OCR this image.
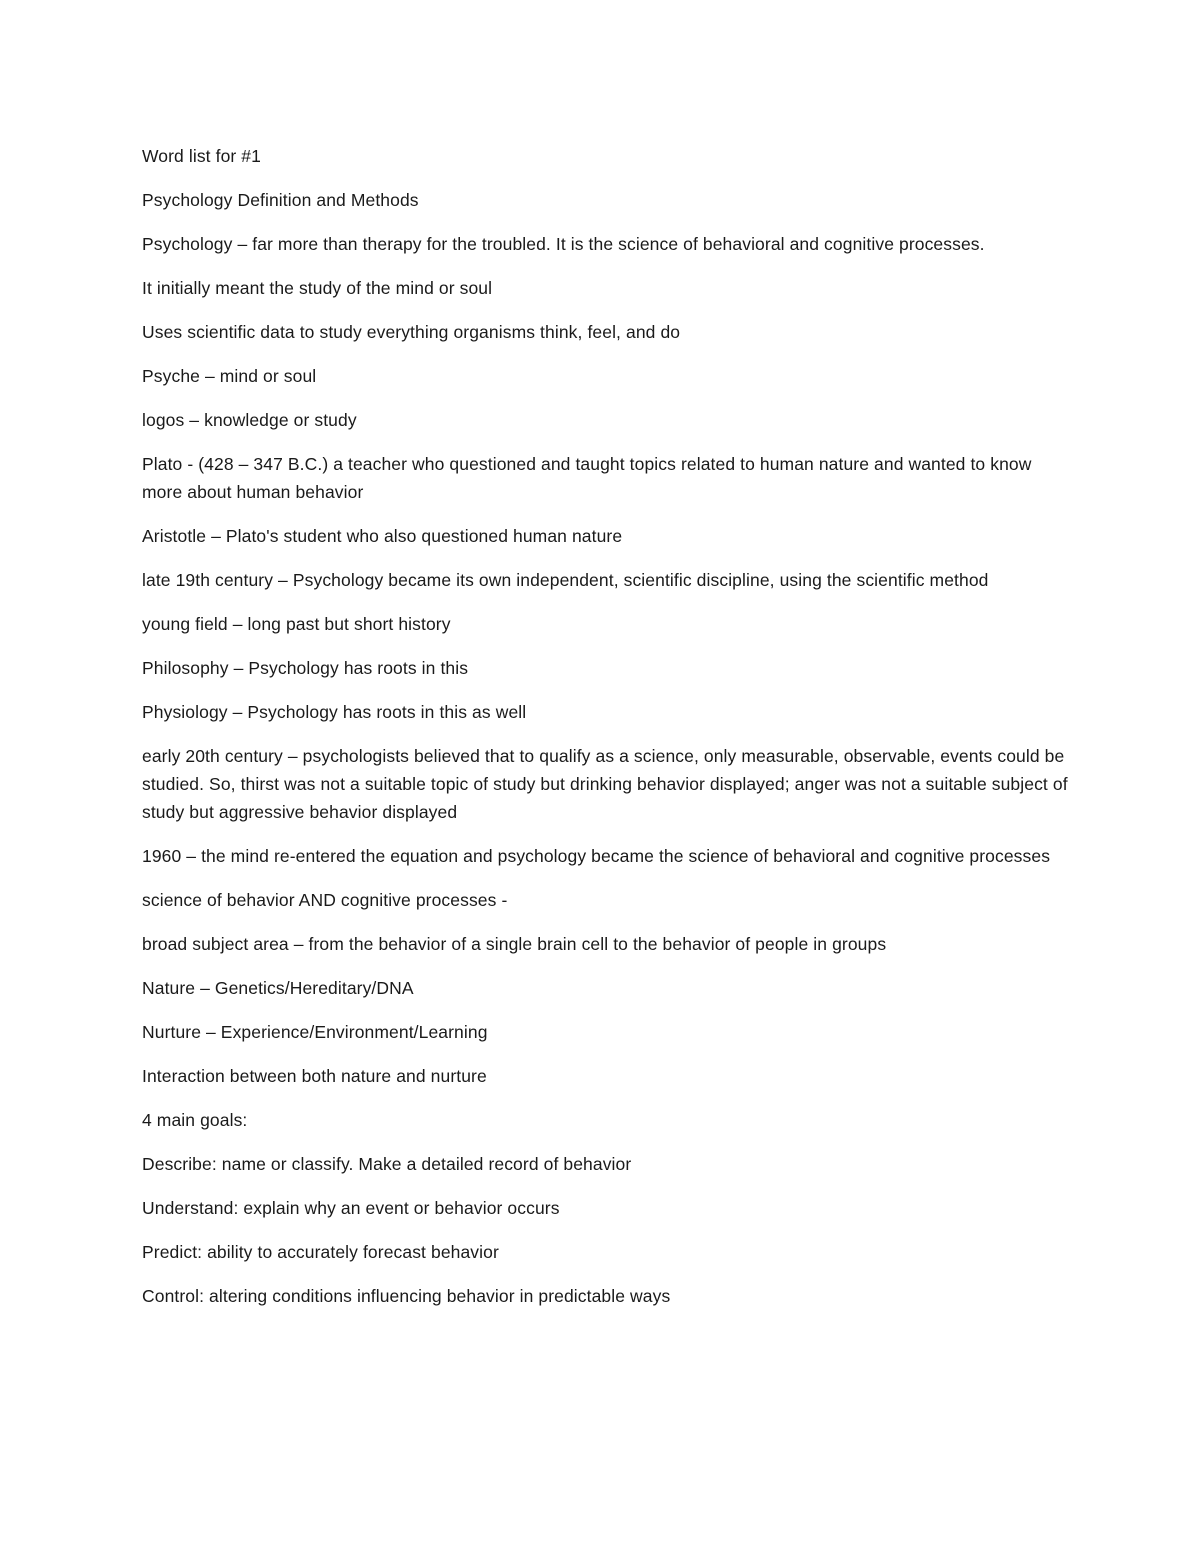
Word list for #1

Psychology Definition and Methods

Psychology – far more than therapy for the troubled. It is the science of behavioral and cognitive processes.

It initially meant the study of the mind or soul

Uses scientific data to study everything organisms think, feel, and do

Psyche – mind or soul

logos – knowledge or study

Plato - (428 – 347 B.C.) a teacher who questioned and taught topics related to human nature and wanted to know more about human behavior

Aristotle – Plato's student who also questioned human nature

late 19th century – Psychology became its own independent, scientific discipline, using the scientific method

young field – long past but short history

Philosophy – Psychology has roots in this

Physiology – Psychology has roots in this as well

early 20th century – psychologists believed that to qualify as a science, only measurable, observable, events could be studied. So, thirst was not a suitable topic of study but drinking behavior displayed; anger was not a suitable subject of study but aggressive behavior displayed

1960 – the mind re-entered the equation and psychology became the science of behavioral and cognitive processes

science of behavior AND cognitive processes -

broad subject area – from the behavior of a single brain cell to the behavior of people in groups

Nature – Genetics/Hereditary/DNA

Nurture – Experience/Environment/Learning

Interaction between both nature and nurture

4 main goals:

Describe: name or classify. Make a detailed record of behavior

Understand: explain why an event or behavior occurs

Predict: ability to accurately forecast behavior

Control: altering conditions influencing behavior in predictable ways
